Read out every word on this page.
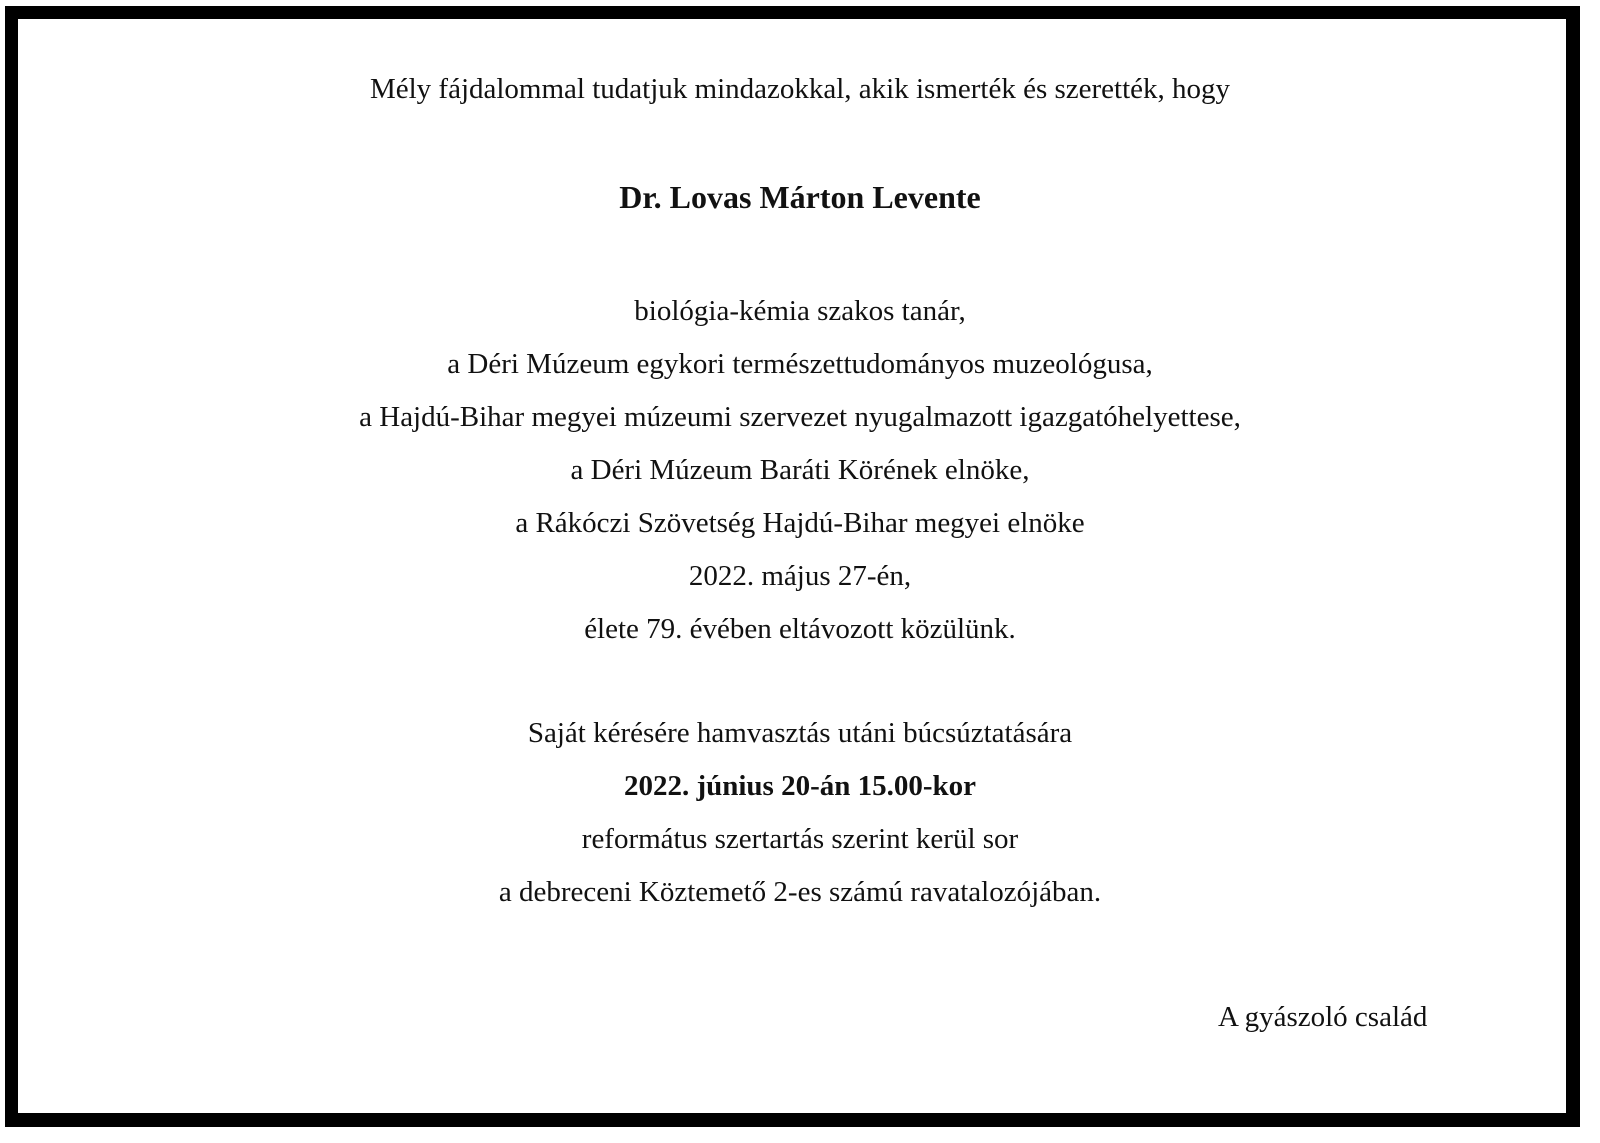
Mély fájdalommal tudatjuk mindazokkal, akik ismerték és szerették, hogy
Dr. Lovas Márton Levente
biológia-kémia szakos tanár,
a Déri Múzeum egykori természettudományos muzeológusa,
a Hajdú-Bihar megyei múzeumi szervezet nyugalmazott igazgatóhelyettese,
a Déri Múzeum Baráti Körének elnöke,
a Rákóczi Szövetség Hajdú-Bihar megyei elnöke
2022. május 27-én,
élete 79. évében eltávozott közülünk.
Saját kérésére hamvasztás utáni búcsúztatására
2022. június 20-án 15.00-kor
református szertartás szerint kerül sor
a debreceni Köztemető 2-es számú ravatalozójában.
A gyászoló család
